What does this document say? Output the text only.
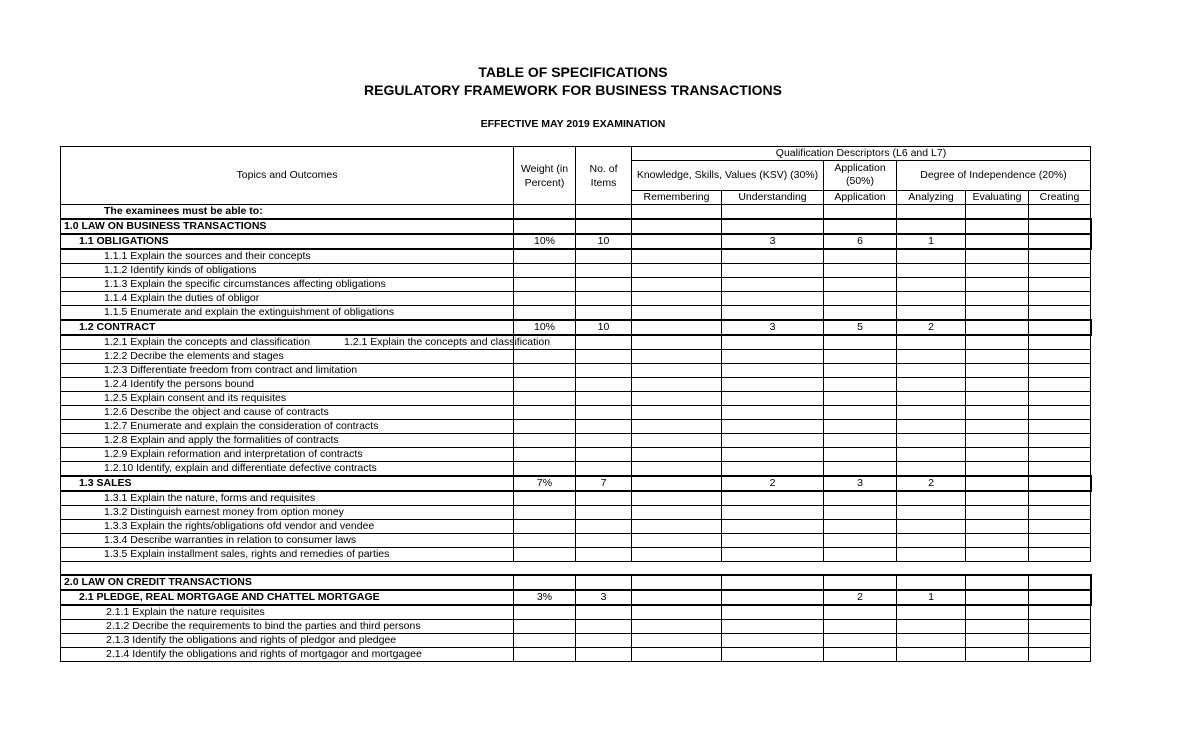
TABLE OF SPECIFICATIONS
REGULATORY FRAMEWORK FOR BUSINESS TRANSACTIONS
EFFECTIVE MAY 2019 EXAMINATION
Topics and Outcomes	Weight (in Percent)	No. of Items	Qualification Descriptors (L6 and L7)					
			Knowledge, Skills, Values (KSV) (30%)		Application (50%)	Degree of Independence (20%)		
			Remembering	Understanding	Application	Analyzing	Evaluating	Creating
The examinees must be able to:								
1.0 LAW ON BUSINESS TRANSACTIONS								
1.1 OBLIGATIONS	10%	10		3	6	1		
1.1.1 Explain the sources and their concepts								
1.1.2 Identify kinds of obligations								
1.1.3 Explain the specific circumstances affecting obligations								
1.1.4 Explain the duties of obligor								
1.1.5 Enumerate and explain the extinguishment of obligations								
1.2 CONTRACT	10%	10		3	5	2		
1.2.1 Explain the concepts and classification 1.2.1 Explain the concepts and classification								

1.2.2 Decribe the elements and stages								
1.2.3 Differentiate freedom from contract and limitation								
1.2.4 Identify the persons bound								
1.2.5 Explain consent and its requisites								
1.2.6 Describe the object and cause of contracts								
1.2.7 Enumerate and explain the consideration of contracts								
1.2.8 Explain and apply the formalities of contracts								
1.2.9 Explain reformation and interpretation of contracts								
1.2.10 Identify, explain and differentiate defective contracts								
1.3 SALES	7%	7		2	3	2		
1.3.1 Explain the nature, forms and requisites								
1.3.2 Distinguish earnest money from option money								
1.3.3 Explain the rights/obligations ofd vendor and vendee								
1.3.4 Describe warranties in relation to consumer laws								
1.3.5 Explain installment sales, rights and remedies of parties								

2.0 LAW ON CREDIT TRANSACTIONS								
2.1 PLEDGE, REAL MORTGAGE AND CHATTEL MORTGAGE	3%	3			2	1		
2.1.1 Explain the nature requisites								
2.1.2 Decribe the requirements to bind the parties and third persons								
2.1.3 Identify the obligations and rights of pledgor and pledgee								
2.1.4 Identify the obligations and rights of mortgagor and mortgagee								
